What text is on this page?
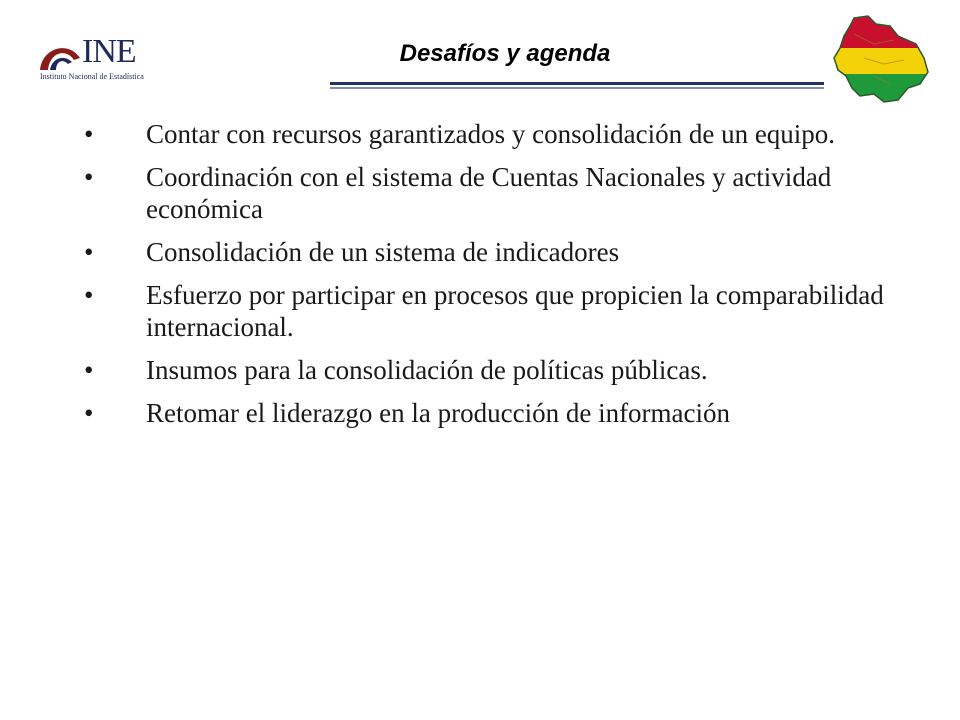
INE
Instituto Nacional de Estadística
Desafíos y agenda
• Contar con recursos garantizados y consolidación de un equipo.
• Coordinación con el sistema de Cuentas Nacionales y actividad económica
• Consolidación de un sistema de indicadores
• Esfuerzo por participar en procesos que propicien la comparabilidad internacional.
• Insumos para la consolidación de políticas públicas.
• Retomar el liderazgo en la producción de información
